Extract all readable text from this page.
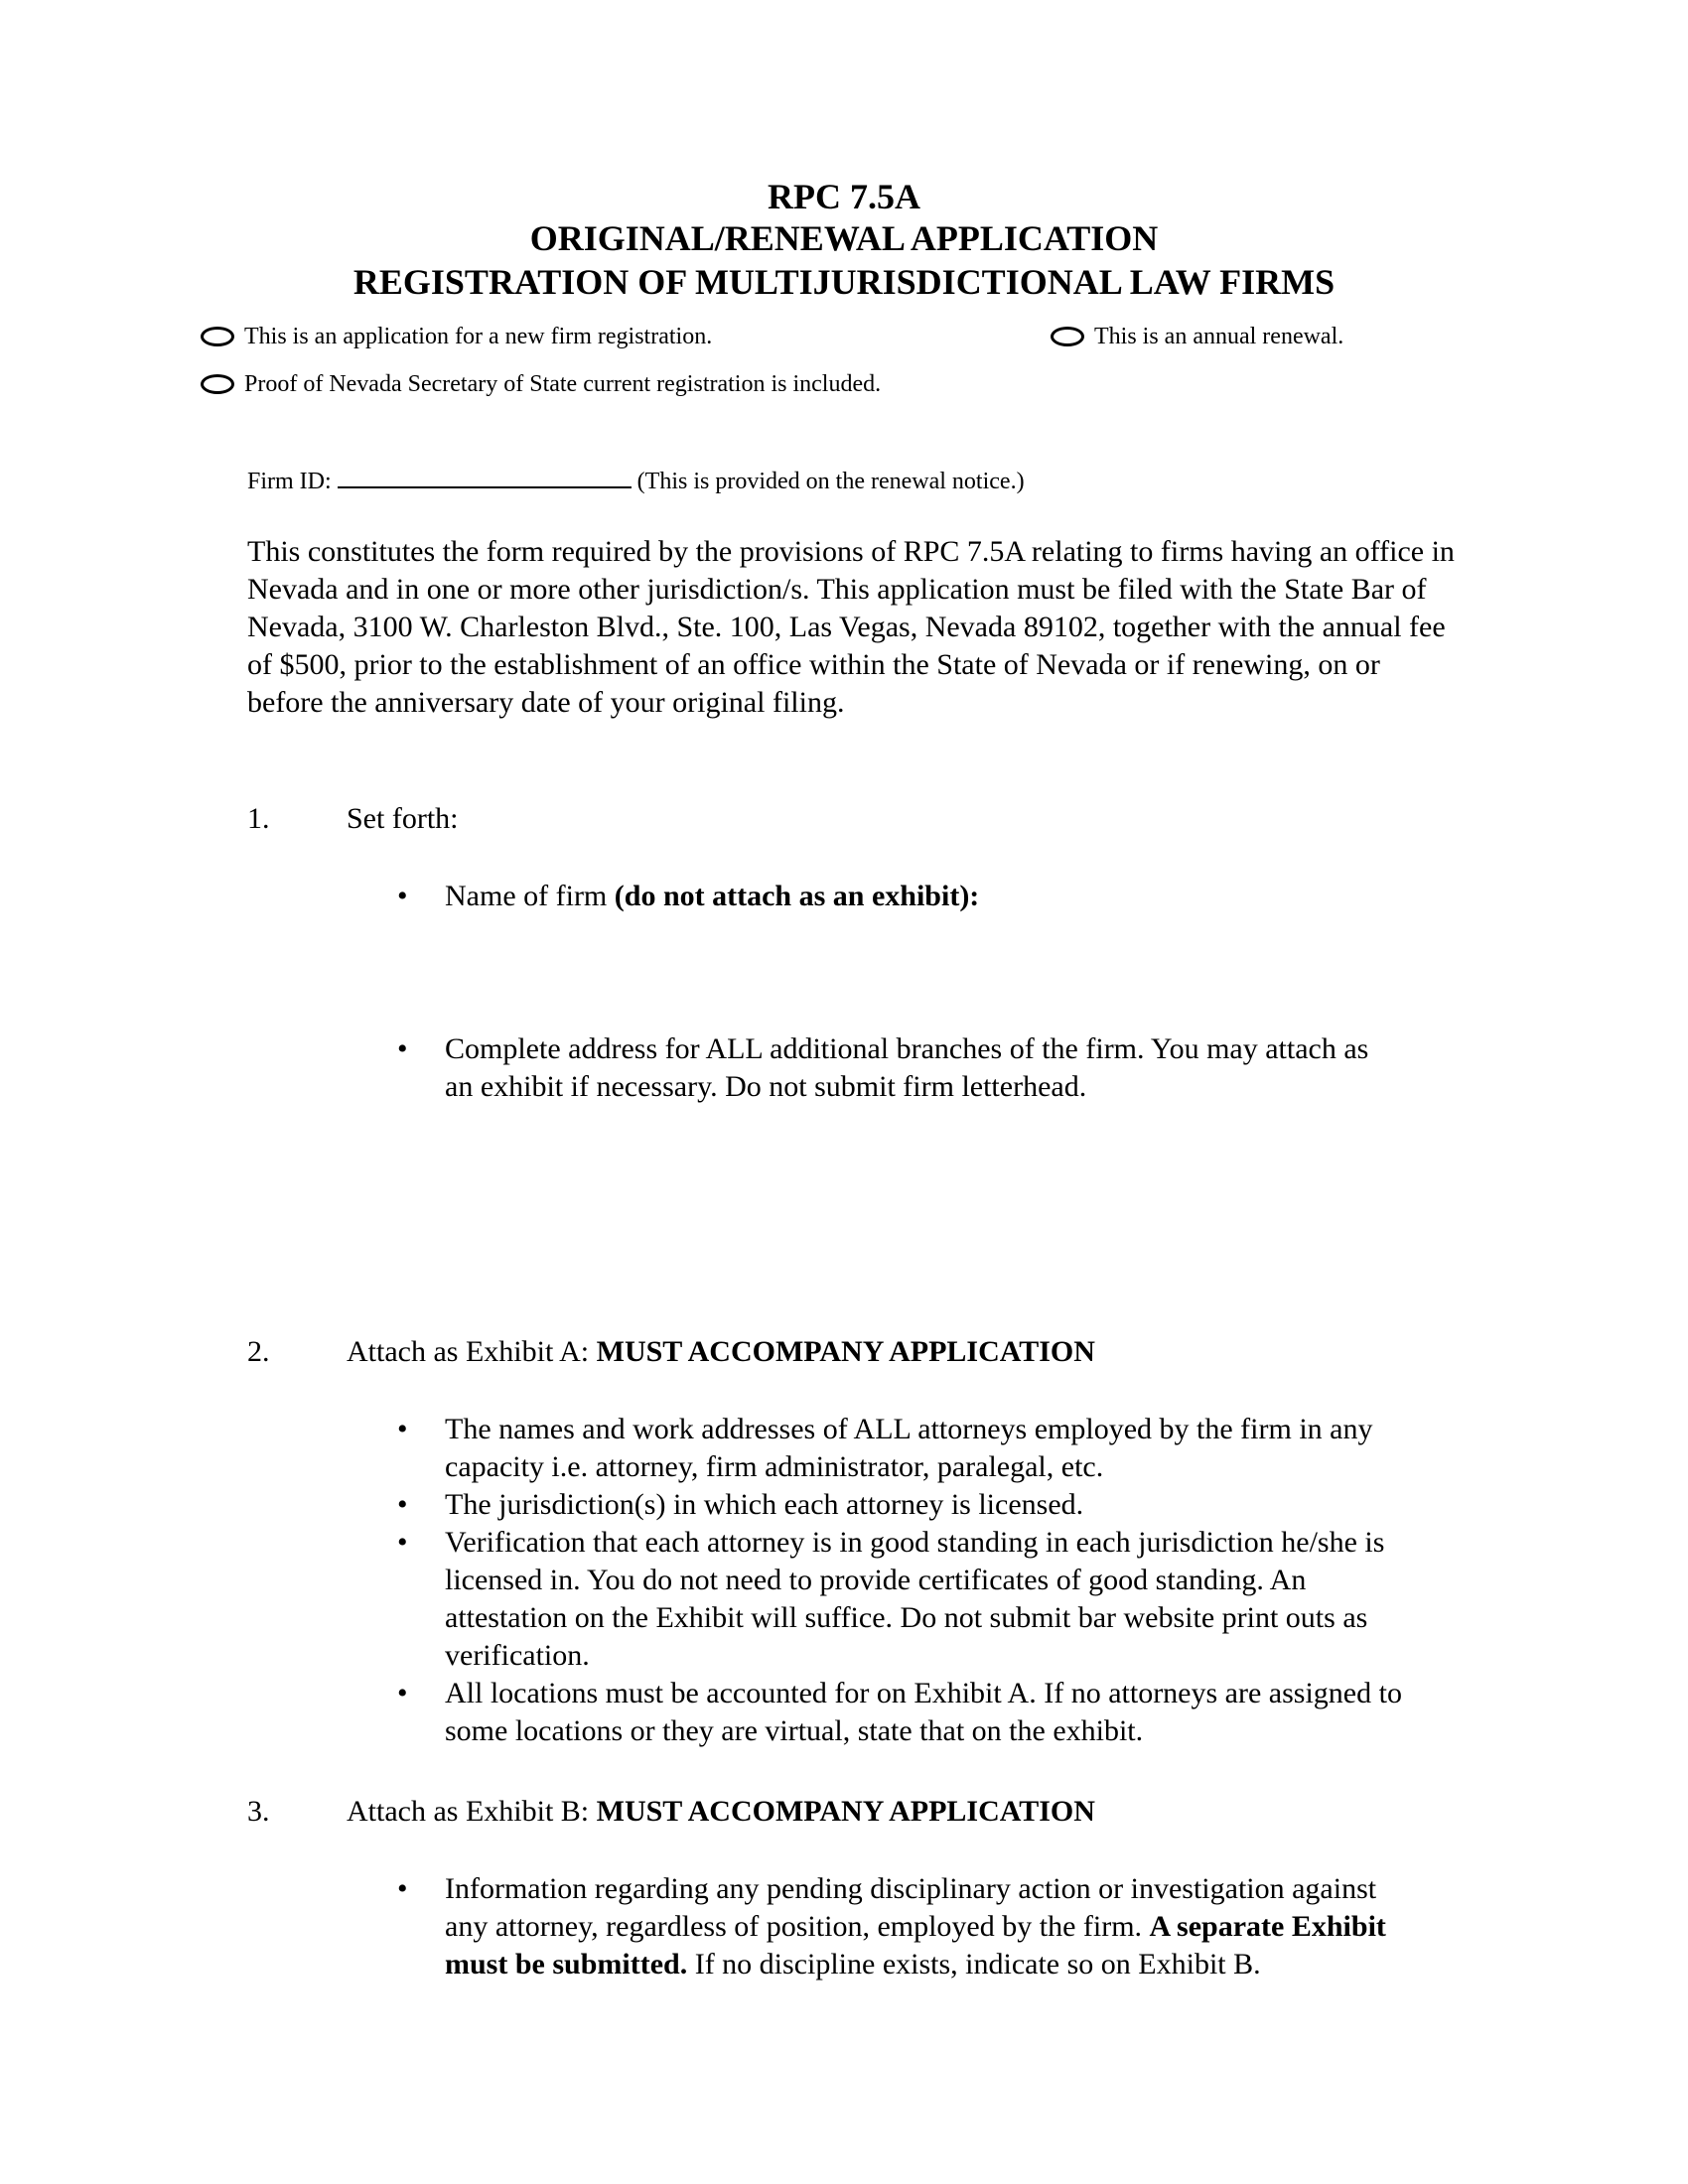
RPC 7.5A
ORIGINAL/RENEWAL APPLICATION
REGISTRATION OF MULTIJURISDICTIONAL LAW FIRMS
This is an application for a new firm registration.	This is an annual renewal.
Proof of Nevada Secretary of State current registration is included.
Firm ID:	(This is provided on the renewal notice.)
This constitutes the form required by the provisions of RPC 7.5A relating to firms having an office in Nevada and in one or more other jurisdiction/s. This application must be filed with the State Bar of Nevada, 3100 W. Charleston Blvd., Ste. 100, Las Vegas, Nevada 89102, together with the annual fee of $500, prior to the establishment of an office within the State of Nevada or if renewing, on or before the anniversary date of your original filing.
1.	Set forth:
• Name of firm (do not attach as an exhibit):
• Complete address for ALL additional branches of the firm. You may attach as an exhibit if necessary. Do not submit firm letterhead.
2.	Attach as Exhibit A: MUST ACCOMPANY APPLICATION
• The names and work addresses of ALL attorneys employed by the firm in any capacity i.e. attorney, firm administrator, paralegal, etc.
• The jurisdiction(s) in which each attorney is licensed.
• Verification that each attorney is in good standing in each jurisdiction he/she is licensed in. You do not need to provide certificates of good standing. An attestation on the Exhibit will suffice. Do not submit bar website print outs as verification.
• All locations must be accounted for on Exhibit A. If no attorneys are assigned to some locations or they are virtual, state that on the exhibit.
3.	Attach as Exhibit B: MUST ACCOMPANY APPLICATION
• Information regarding any pending disciplinary action or investigation against any attorney, regardless of position, employed by the firm. A separate Exhibit must be submitted. If no discipline exists, indicate so on Exhibit B.
